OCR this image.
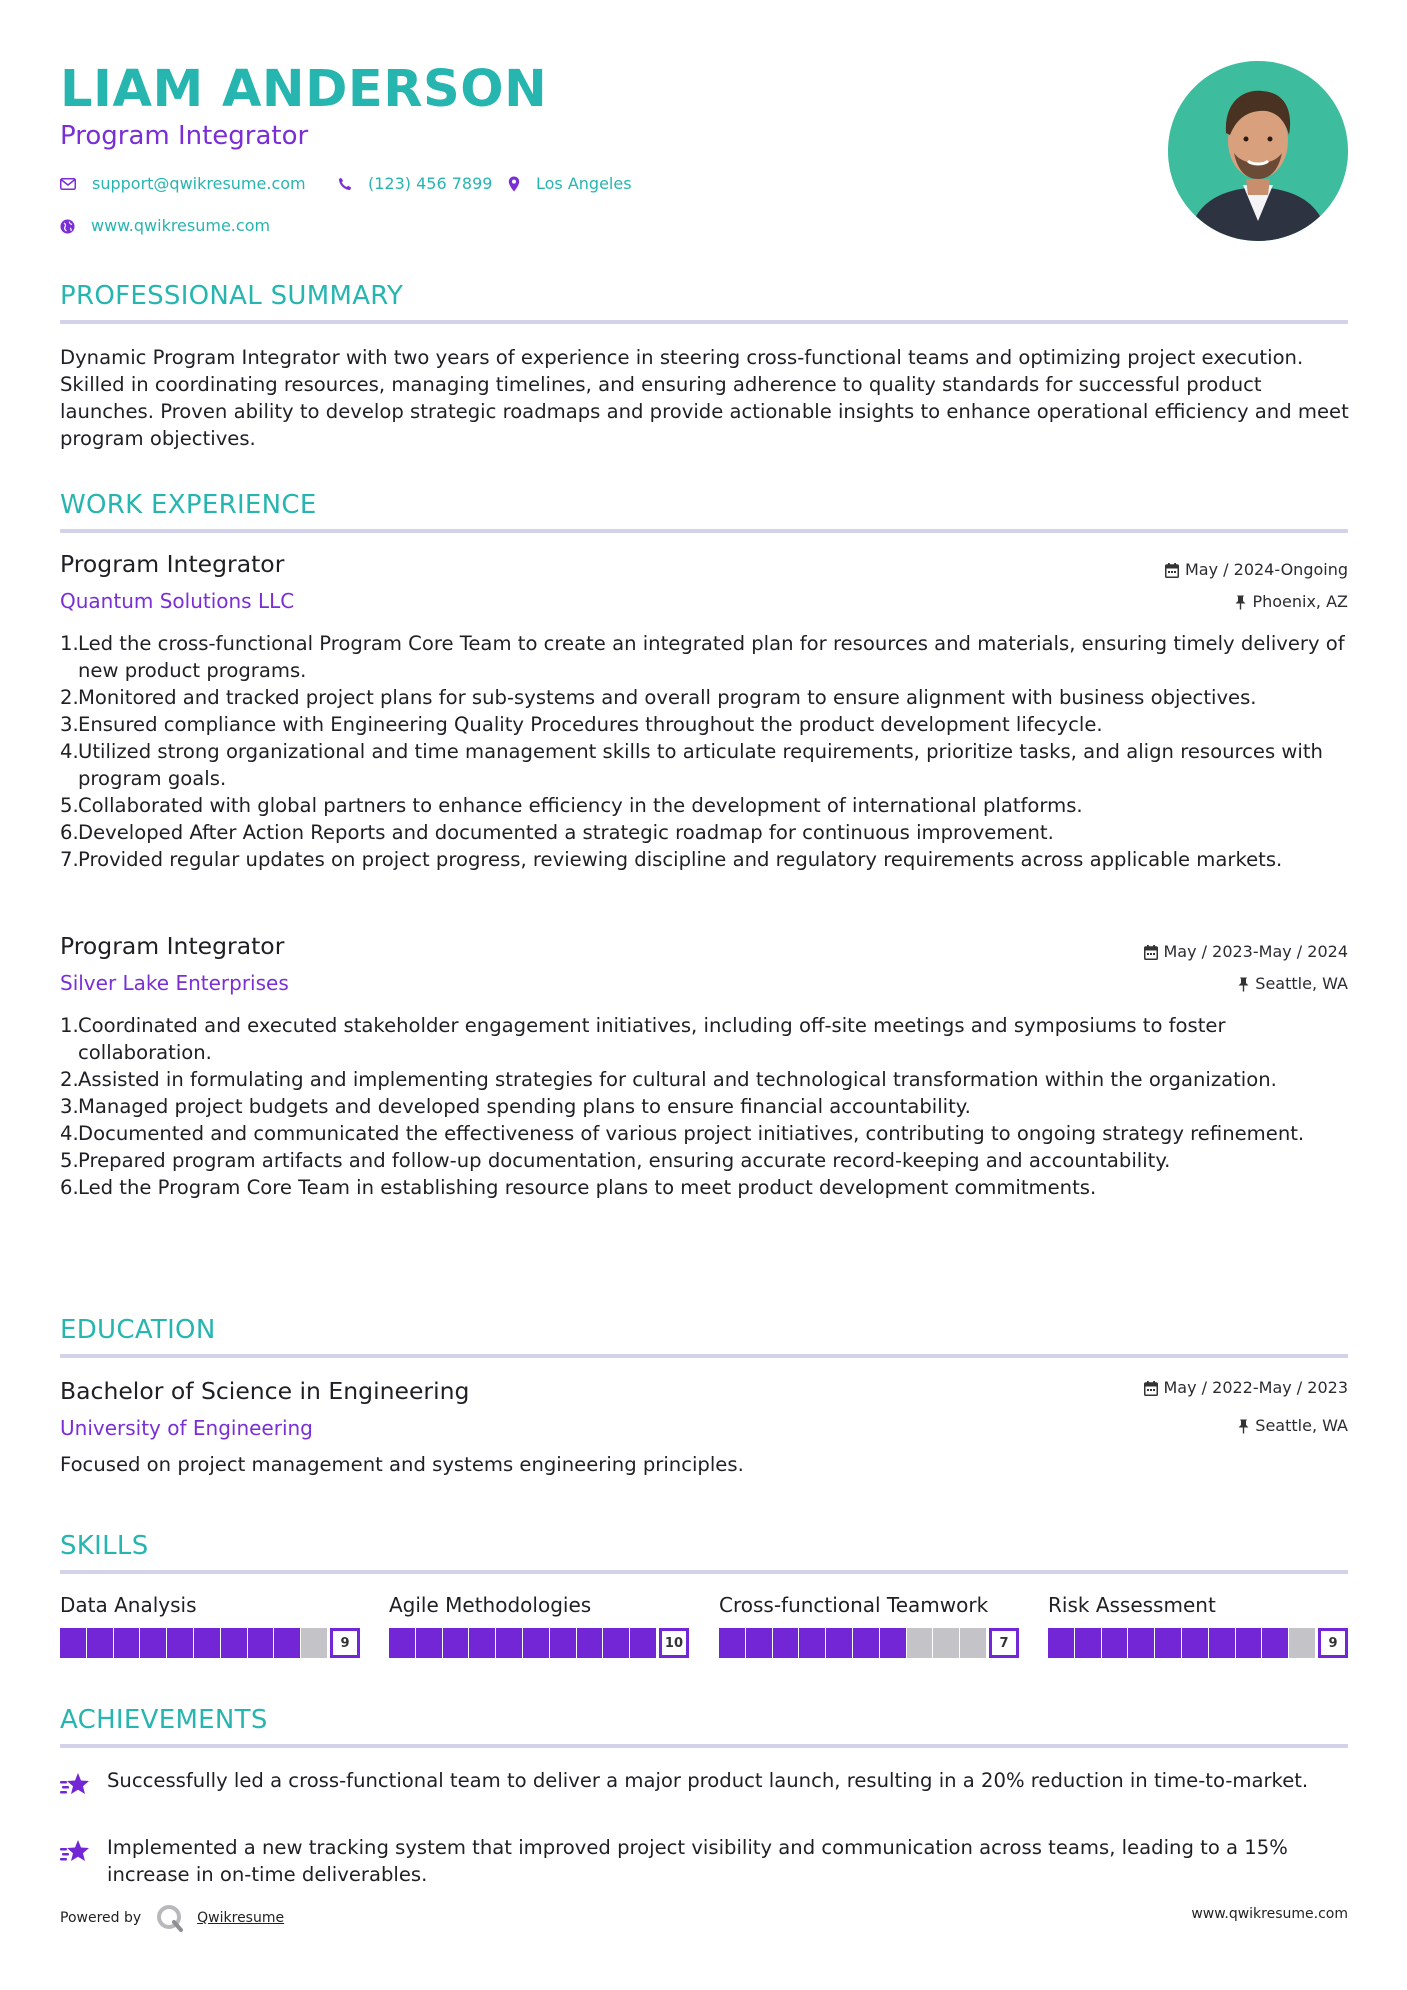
LIAM ANDERSON
Program Integrator
support@qwikresume.com	(123) 456 7899	Los Angeles
www.qwikresume.com
PROFESSIONAL SUMMARY
Dynamic Program Integrator with two years of experience in steering cross-functional teams and optimizing project execution. Skilled in coordinating resources, managing timelines, and ensuring adherence to quality standards for successful product launches. Proven ability to develop strategic roadmaps and provide actionable insights to enhance operational efficiency and meet program objectives.
WORK EXPERIENCE
Program Integrator	May / 2024-Ongoing
Quantum Solutions LLC	Phoenix, AZ
1. Led the cross-functional Program Core Team to create an integrated plan for resources and materials, ensuring timely delivery of new product programs.
2. Monitored and tracked project plans for sub-systems and overall program to ensure alignment with business objectives.
3. Ensured compliance with Engineering Quality Procedures throughout the product development lifecycle.
4. Utilized strong organizational and time management skills to articulate requirements, prioritize tasks, and align resources with program goals.
5. Collaborated with global partners to enhance efficiency in the development of international platforms.
6. Developed After Action Reports and documented a strategic roadmap for continuous improvement.
7. Provided regular updates on project progress, reviewing discipline and regulatory requirements across applicable markets.
Program Integrator	May / 2023-May / 2024
Silver Lake Enterprises	Seattle, WA
1. Coordinated and executed stakeholder engagement initiatives, including off-site meetings and symposiums to foster collaboration.
2. Assisted in formulating and implementing strategies for cultural and technological transformation within the organization.
3. Managed project budgets and developed spending plans to ensure financial accountability.
4. Documented and communicated the effectiveness of various project initiatives, contributing to ongoing strategy refinement.
5. Prepared program artifacts and follow-up documentation, ensuring accurate record-keeping and accountability.
6. Led the Program Core Team in establishing resource plans to meet product development commitments.
EDUCATION
Bachelor of Science in Engineering	May / 2022-May / 2023
University of Engineering	Seattle, WA
Focused on project management and systems engineering principles.
SKILLS
Data Analysis
9
Agile Methodologies
10
Cross-functional Teamwork
7
Risk Assessment
9
ACHIEVEMENTS
Successfully led a cross-functional team to deliver a major product launch, resulting in a 20% reduction in time-to-market.
Implemented a new tracking system that improved project visibility and communication across teams, leading to a 15% increase in on-time deliverables.
Powered by	Qwikresume	www.qwikresume.com
